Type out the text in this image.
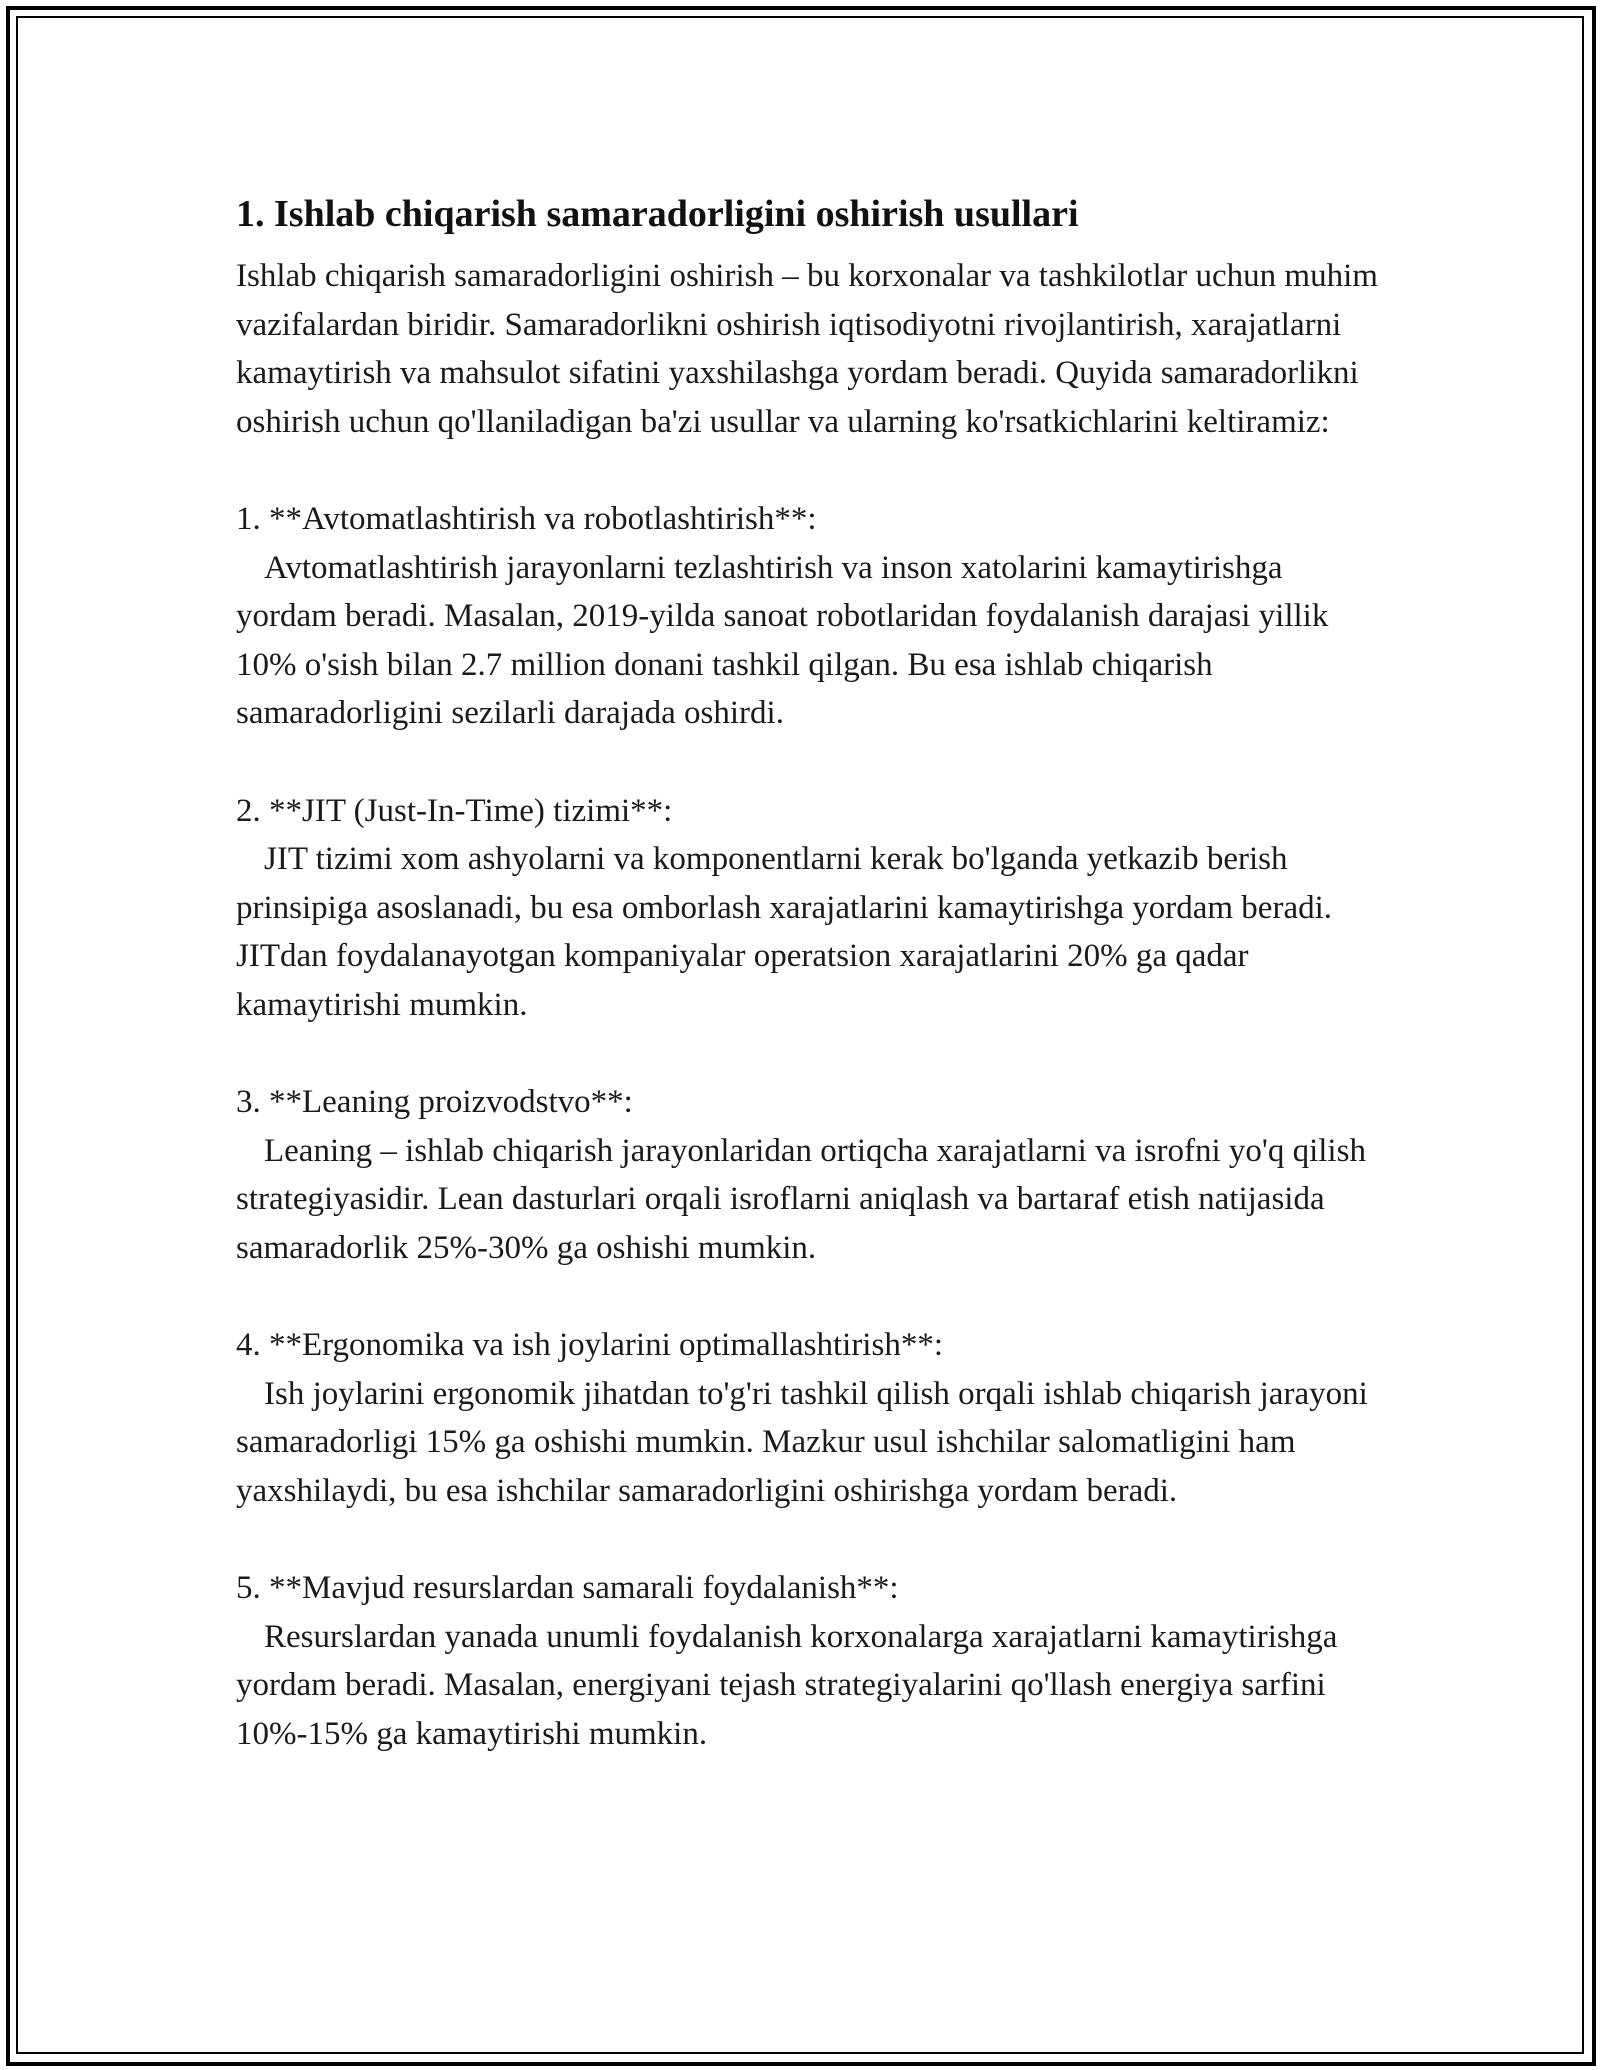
1. Ishlab chiqarish samaradorligini oshirish usullari

Ishlab chiqarish samaradorligini oshirish – bu korxonalar va tashkilotlar uchun muhim vazifalardan biridir. Samaradorlikni oshirish iqtisodiyotni rivojlantirish, xarajatlarni kamaytirish va mahsulot sifatini yaxshilashga yordam beradi. Quyida samaradorlikni oshirish uchun qo'llaniladigan ba'zi usullar va ularning ko'rsatkichlarini keltiramiz:

1. **Avtomatlashtirish va robotlashtirish**:

Avtomatlashtirish jarayonlarni tezlashtirish va inson xatolarini kamaytirishga yordam beradi. Masalan, 2019-yilda sanoat robotlaridan foydalanish darajasi yillik 10% o'sish bilan 2.7 million donani tashkil qilgan. Bu esa ishlab chiqarish samaradorligini sezilarli darajada oshirdi.

2. **JIT (Just-In-Time) tizimi**:

JIT tizimi xom ashyolarni va komponentlarni kerak bo'lganda yetkazib berish prinsipiga asoslanadi, bu esa omborlash xarajatlarini kamaytirishga yordam beradi. JITdan foydalanayotgan kompaniyalar operatsion xarajatlarini 20% ga qadar kamaytirishi mumkin.

3. **Leaning proizvodstvo**:

Leaning – ishlab chiqarish jarayonlaridan ortiqcha xarajatlarni va isrofni yo'q qilish strategiyasidir. Lean dasturlari orqali isroflarni aniqlash va bartaraf etish natijasida samaradorlik 25%-30% ga oshishi mumkin.

4. **Ergonomika va ish joylarini optimallashtirish**:

Ish joylarini ergonomik jihatdan to'g'ri tashkil qilish orqali ishlab chiqarish jarayoni samaradorligi 15% ga oshishi mumkin. Mazkur usul ishchilar salomatligini ham yaxshilaydi, bu esa ishchilar samaradorligini oshirishga yordam beradi.

5. **Mavjud resurslardan samarali foydalanish**:

Resurslardan yanada unumli foydalanish korxonalarga xarajatlarni kamaytirishga yordam beradi. Masalan, energiyani tejash strategiyalarini qo'llash energiya sarfini 10%-15% ga kamaytirishi mumkin.
